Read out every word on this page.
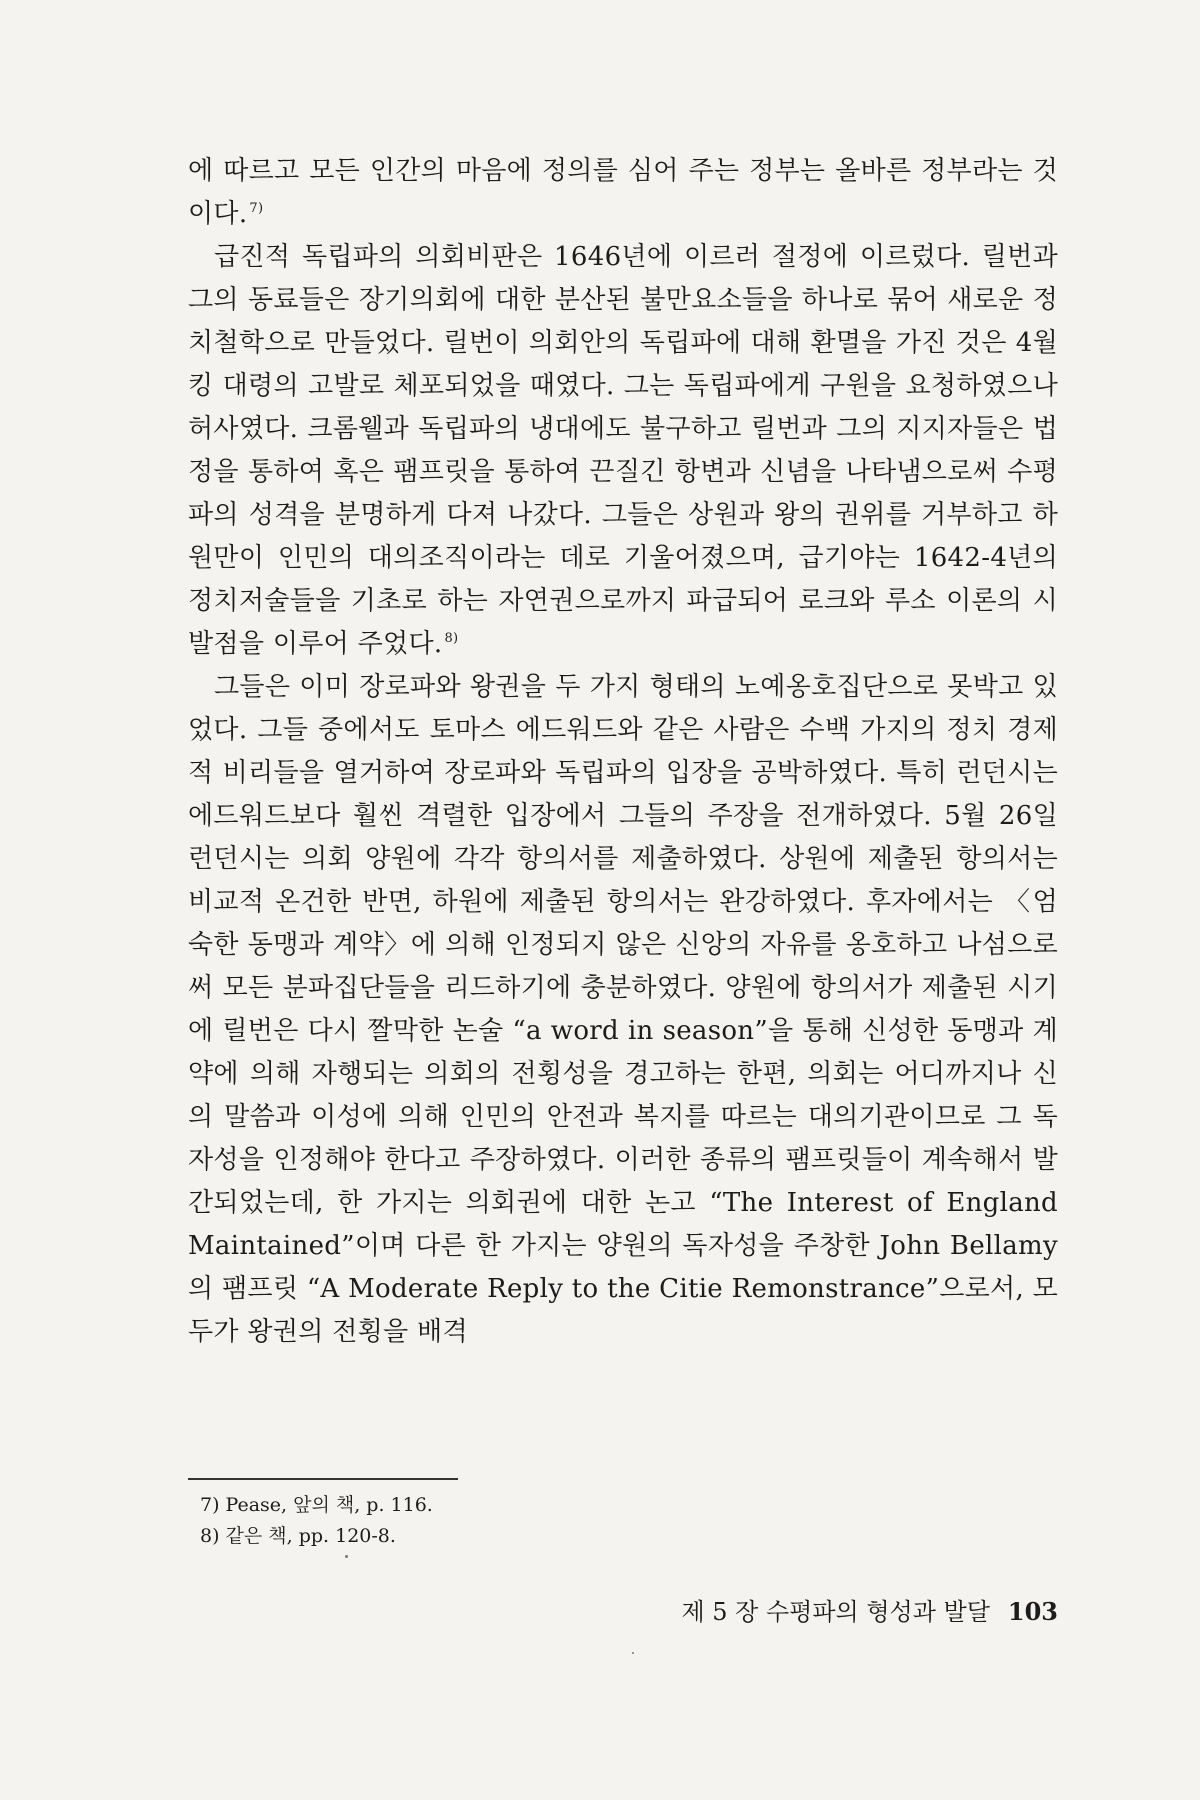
에 따르고 모든 인간의 마음에 정의를 심어 주는 정부는 올바른 정부라는 것이다. $^{7)}$

급진적 독립파의 의회비판은 1646년에 이르러 절정에 이르렀다. 릴번과 그의 동료들은 장기의회에 대한 분산된 불만요소들을 하나로 묶어 새로운 정치철학으로 만들었다. 릴번이 의회안의 독립파에 대해 환멸을 가진 것은 4월 킹 대령의 고발로 체포되었을 때였다. 그는 독립파에게 구원을 요청하였으나 허사였다. 크롬웰과 독립파의 냉대에도 불구하고 릴번과 그의 지지자들은 법정을 통하여 혹은 팸프릿을 통하여 끈질긴 항변과 신념을 나타냄으로써 수평파의 성격을 분명하게 다져 나갔다. 그들은 상원과 왕의 권위를 거부하고 하원만이 인민의 대의조직이라는 데로 기울어졌으며, 급기야는 1642-4년의 정치저술들을 기초로 하는 자연권으로까지 파급되어 로크와 루소 이론의 시발점을 이루어 주었다. $^{8)}$

그들은 이미 장로파와 왕권을 두 가지 형태의 노예옹호집단으로 못박고 있었다. 그들 중에서도 토마스 에드워드와 같은 사람은 수백 가지의 정치 경제적 비리들을 열거하여 장로파와 독립파의 입장을 공박하였다. 특히 런던시는 에드워드보다 훨씬 격렬한 입장에서 그들의 주장을 전개하였다. 5월 26일 런던시는 의회 양원에 각각 항의서를 제출하였다. 상원에 제출된 항의서는 비교적 온건한 반면, 하원에 제출된 항의서는 완강하였다. 후자에서는 〈엄숙한 동맹과 계약〉에 의해 인정되지 않은 신앙의 자유를 옹호하고 나섬으로써 모든 분파집단들을 리드하기에 충분하였다. 양원에 항의서가 제출된 시기에 릴번은 다시 짤막한 논술 “a word in season”을 통해 신성한 동맹과 계약에 의해 자행되는 의회의 전횡성을 경고하는 한편, 의회는 어디까지나 신의 말씀과 이성에 의해 인민의 안전과 복지를 따르는 대의기관이므로 그 독자성을 인정해야 한다고 주장하였다. 이러한 종류의 팸프릿들이 계속해서 발간되었는데, 한 가지는 의회권에 대한 논고 “The Interest of England Maintained”이며 다른 한 가지는 양원의 독자성을 주창한 John Bellamy의 팸프릿 “A Moderate Reply to the Citie Remonstrance”으로서, 모두가 왕권의 전횡을 배격

7) Pease, 앞의 책, p. 116.
8) 같은 책, pp. 120-8.
제 5 장 수평파의 형성과 발달 103
